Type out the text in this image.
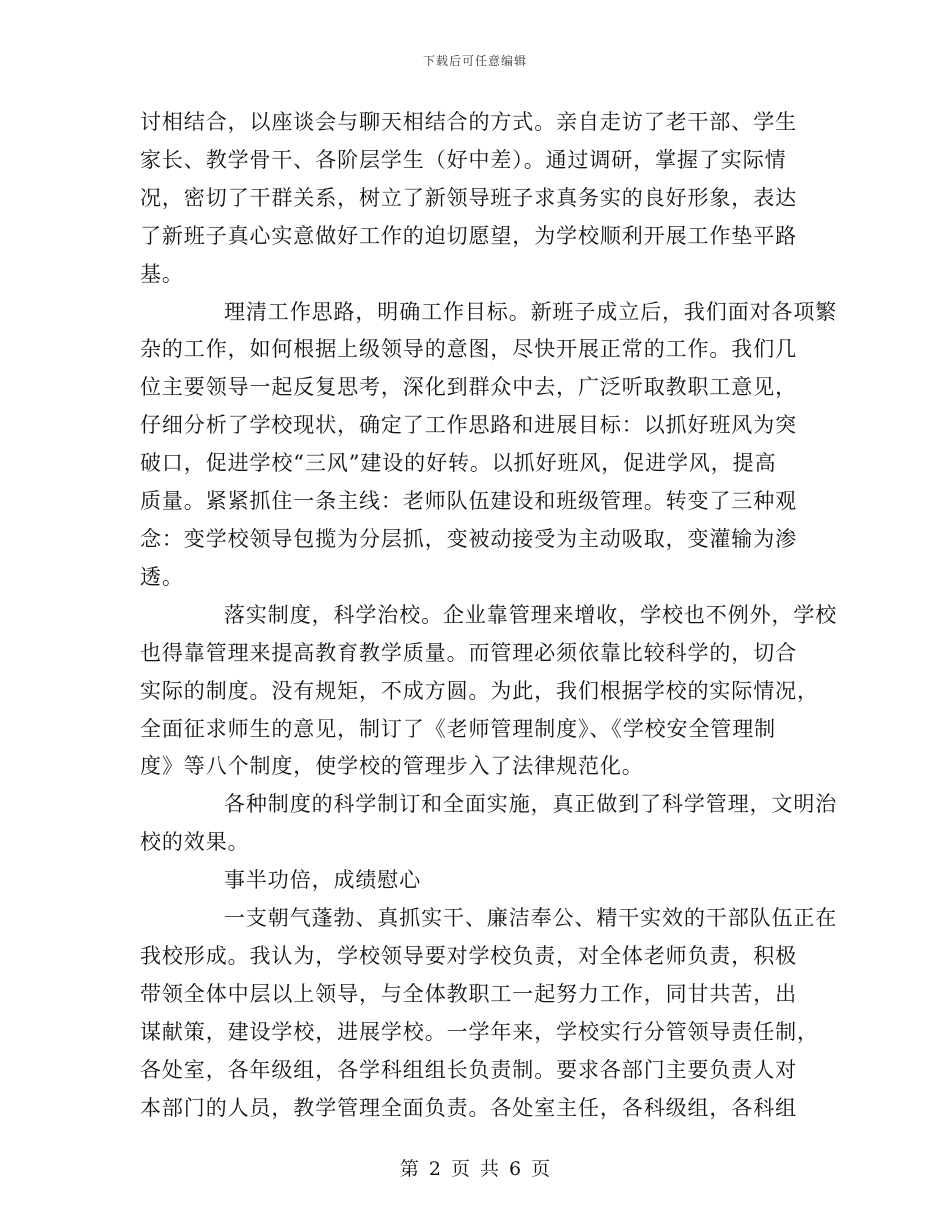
下载后可任意编辑

讨相结合，以座谈会与聊天相结合的方式。亲自走访了老干部、学生
家长、教学骨干、各阶层学生（好中差）。通过调研，掌握了实际情
况，密切了干群关系，树立了新领导班子求真务实的良好形象，表达
了新班子真心实意做好工作的迫切愿望，为学校顺利开展工作垫平路
基。

理清工作思路，明确工作目标。新班子成立后，我们面对各项繁
杂的工作，如何根据上级领导的意图，尽快开展正常的工作。我们几
位主要领导一起反复思考，深化到群众中去，广泛听取教职工意见，
仔细分析了学校现状，确定了工作思路和进展目标：以抓好班风为突
破口，促进学校“三风”建设的好转。以抓好班风，促进学风，提高
质量。紧紧抓住一条主线：老师队伍建设和班级管理。转变了三种观
念：变学校领导包揽为分层抓，变被动接受为主动吸取，变灌输为渗
透。

落实制度，科学治校。企业靠管理来增收，学校也不例外，学校
也得靠管理来提高教育教学质量。而管理必须依靠比较科学的，切合
实际的制度。没有规矩，不成方圆。为此，我们根据学校的实际情况，
全面征求师生的意见，制订了《老师管理制度》、《学校安全管理制
度》等八个制度，使学校的管理步入了法律规范化。

各种制度的科学制订和全面实施，真正做到了科学管理，文明治
校的效果。

事半功倍，成绩慰心

一支朝气蓬勃、真抓实干、廉洁奉公、精干实效的干部队伍正在
我校形成。我认为，学校领导要对学校负责，对全体老师负责，积极
带领全体中层以上领导，与全体教职工一起努力工作，同甘共苦，出
谋献策，建设学校，进展学校。一学年来，学校实行分管领导责任制，
各处室，各年级组，各学科组组长负责制。要求各部门主要负责人对
本部门的人员，教学管理全面负责。各处室主任，各科级组，各科组

第 2 页 共 6 页
